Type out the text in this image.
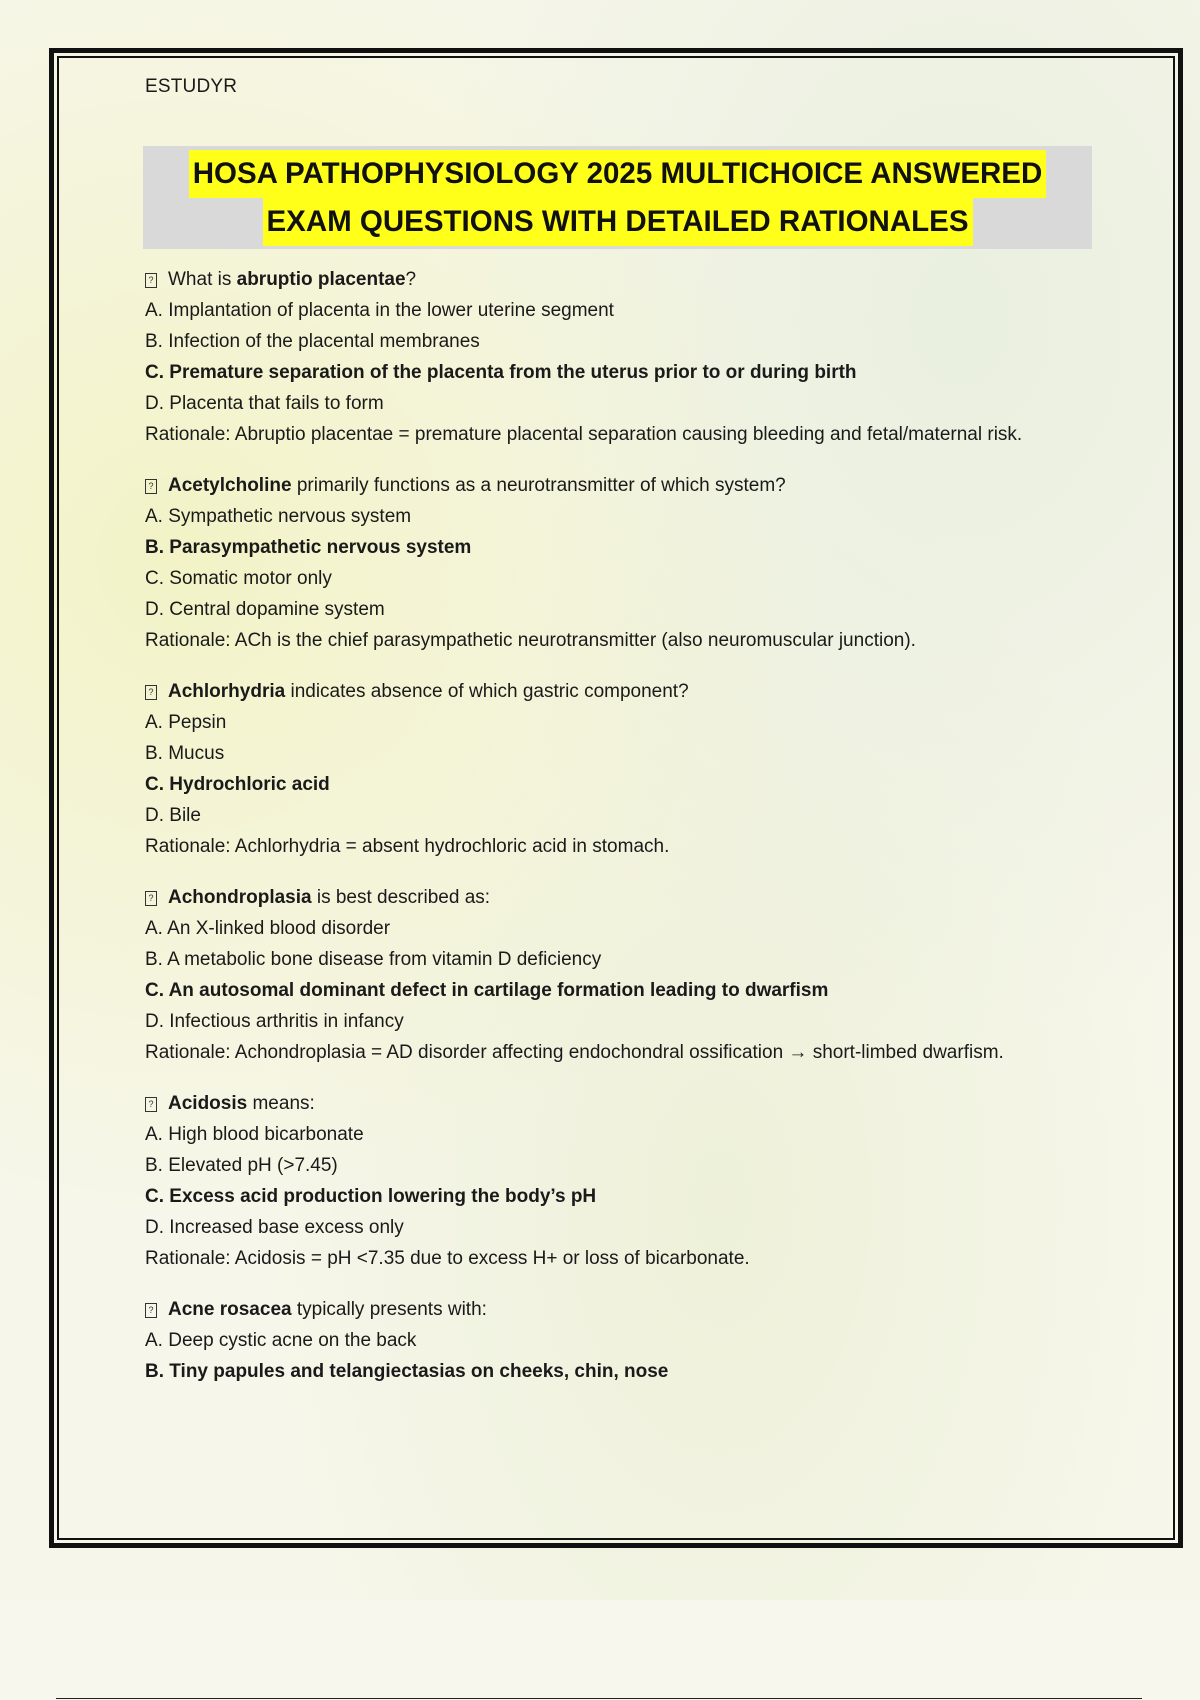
ESTUDYR
HOSA PATHOPHYSIOLOGY 2025 MULTICHOICE ANSWERED
EXAM QUESTIONS WITH DETAILED RATIONALES
? What is abruptio placentae?
A. Implantation of placenta in the lower uterine segment
B. Infection of the placental membranes
C. Premature separation of the placenta from the uterus prior to or during birth
D. Placenta that fails to form
Rationale: Abruptio placentae = premature placental separation causing bleeding and fetal/maternal risk.
? Acetylcholine primarily functions as a neurotransmitter of which system?
A. Sympathetic nervous system
B. Parasympathetic nervous system
C. Somatic motor only
D. Central dopamine system
Rationale: ACh is the chief parasympathetic neurotransmitter (also neuromuscular junction).
? Achlorhydria indicates absence of which gastric component?
A. Pepsin
B. Mucus
C. Hydrochloric acid
D. Bile
Rationale: Achlorhydria = absent hydrochloric acid in stomach.
? Achondroplasia is best described as:
A. An X-linked blood disorder
B. A metabolic bone disease from vitamin D deficiency
C. An autosomal dominant defect in cartilage formation leading to dwarfism
D. Infectious arthritis in infancy
Rationale: Achondroplasia = AD disorder affecting endochondral ossification → short-limbed dwarfism.
? Acidosis means:
A. High blood bicarbonate
B. Elevated pH (>7.45)
C. Excess acid production lowering the body’s pH
D. Increased base excess only
Rationale: Acidosis = pH <7.35 due to excess H+ or loss of bicarbonate.
? Acne rosacea typically presents with:
A. Deep cystic acne on the back
B. Tiny papules and telangiectasias on cheeks, chin, nose
